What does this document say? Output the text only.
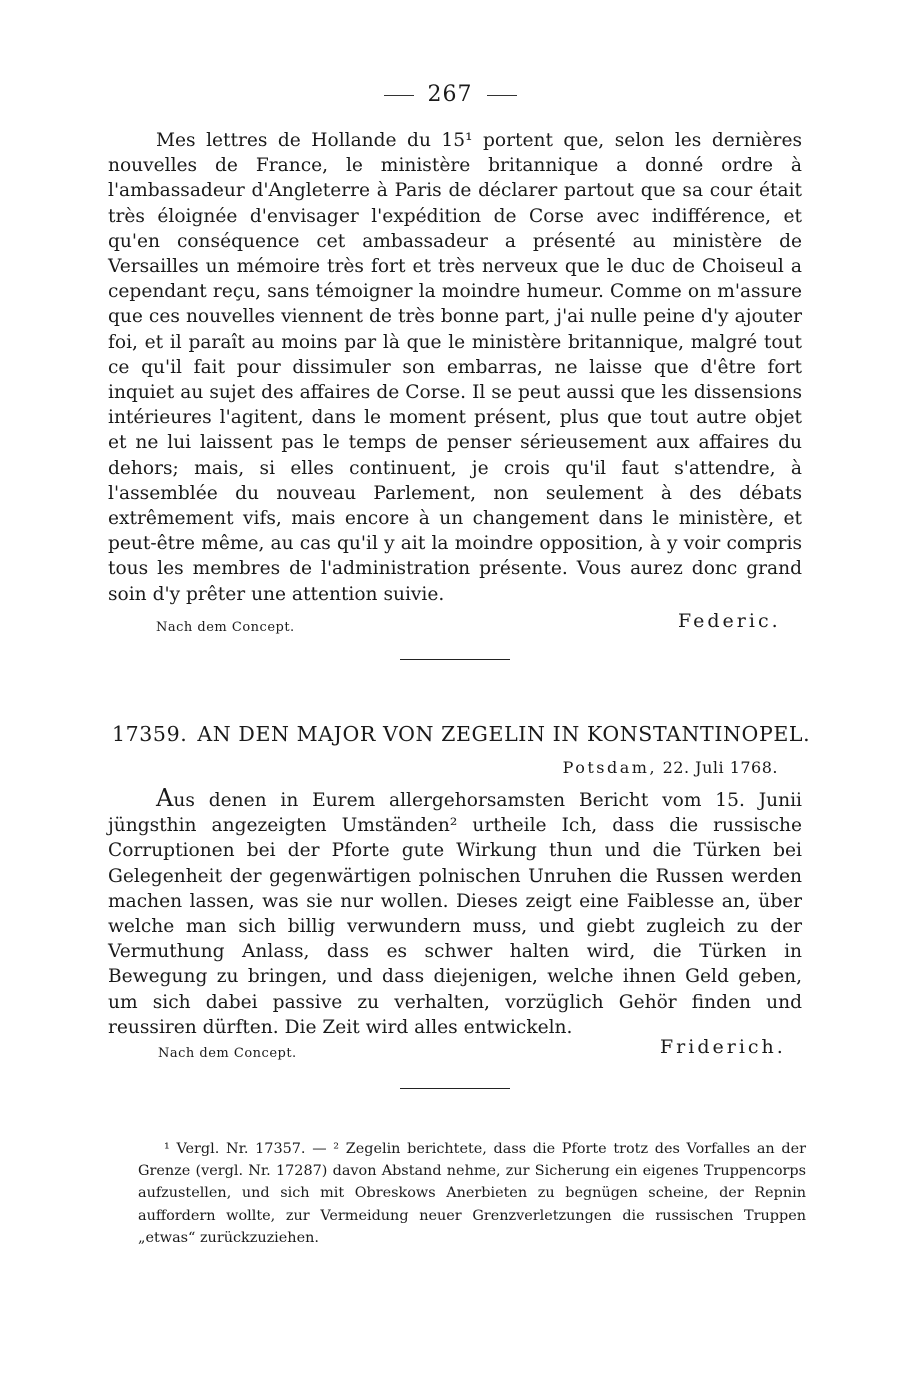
267

Mes lettres de Hollande du 15¹ portent que, selon les dernières nouvelles de France, le ministère britannique a donné ordre à l'ambassadeur d'Angleterre à Paris de déclarer partout que sa cour était très éloignée d'envisager l'expédition de Corse avec indifférence, et qu'en conséquence cet ambassadeur a présenté au ministère de Versailles un mémoire très fort et très nerveux que le duc de Choiseul a cependant reçu, sans témoigner la moindre humeur. Comme on m'assure que ces nouvelles viennent de très bonne part, j'ai nulle peine d'y ajouter foi, et il paraît au moins par là que le ministère britannique, malgré tout ce qu'il fait pour dissimuler son embarras, ne laisse que d'être fort inquiet au sujet des affaires de Corse. Il se peut aussi que les dissensions intérieures l'agitent, dans le moment présent, plus que tout autre objet et ne lui laissent pas le temps de penser sérieusement aux affaires du dehors; mais, si elles continuent, je crois qu'il faut s'attendre, à l'assemblée du nouveau Parlement, non seulement à des débats extrêmement vifs, mais encore à un changement dans le ministère, et peut-être même, au cas qu'il y ait la moindre opposition, à y voir compris tous les membres de l'administration présente. Vous aurez donc grand soin d'y prêter une attention suivie.

Nach dem Concept.	Federic.
17359. AN DEN MAJOR VON ZEGELIN IN KONSTANTINOPEL.
Potsdam, 22. Juli 1768.

Aus denen in Eurem allergehorsamsten Bericht vom 15. Junii jüngsthin angezeigten Umständen² urtheile Ich, dass die russische Corruptionen bei der Pforte gute Wirkung thun und die Türken bei Gelegenheit der gegenwärtigen polnischen Unruhen die Russen werden machen lassen, was sie nur wollen. Dieses zeigt eine Faiblesse an, über welche man sich billig verwundern muss, und giebt zugleich zu der Vermuthung Anlass, dass es schwer halten wird, die Türken in Bewegung zu bringen, und dass diejenigen, welche ihnen Geld geben, um sich dabei passive zu verhalten, vorzüglich Gehör finden und reussiren dürften. Die Zeit wird alles entwickeln.

Nach dem Concept.	Friderich.

¹ Vergl. Nr. 17357. — ² Zegelin berichtete, dass die Pforte trotz des Vorfalles an der Grenze (vergl. Nr. 17287) davon Abstand nehme, zur Sicherung ein eigenes Truppencorps aufzustellen, und sich mit Obreskows Anerbieten zu begnügen scheine, der Repnin auffordern wollte, zur Vermeidung neuer Grenzverletzungen die russischen Truppen „etwas“ zurückzuziehen.
